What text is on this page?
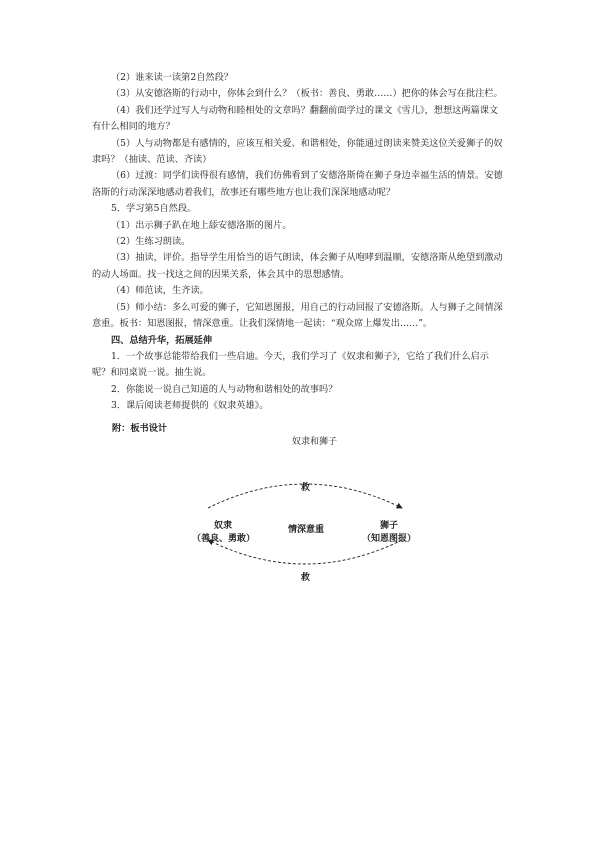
（2）谁来读一读第2自然段？

（3）从安德洛斯的行动中，你体会到什么？（板书：善良、勇敢……）把你的体会写在批注栏。

（4）我们还学过写人与动物和睦相处的文章吗？翻翻前面学过的课文《雪儿》，想想这两篇课文有什么相同的地方？

（5）人与动物都是有感情的，应该互相关爱、和谐相处，你能通过朗读来赞美这位关爱狮子的奴隶吗？（抽读、范读、齐读）

（6）过渡：同学们读得很有感情，我们仿佛看到了安德洛斯倚在狮子身边幸福生活的情景。安德洛斯的行动深深地感动着我们，故事还有哪些地方也让我们深深地感动呢？

5．学习第5自然段。

（1）出示狮子趴在地上舔安德洛斯的图片。

（2）生练习朗读。

（3）抽读，评价。指导学生用恰当的语气朗读，体会狮子从咆哮到温顺，安德洛斯从绝望到激动的动人场面。找一找这之间的因果关系，体会其中的思想感情。

（4）师范读，生齐读。

（5）师小结：多么可爱的狮子，它知恩图报，用自己的行动回报了安德洛斯。人与狮子之间情深意重。板书：知恩图报，情深意重。让我们深情地一起读：“观众席上爆发出……”。

四、总结升华，拓展延伸

1．一个故事总能带给我们一些启迪。今天，我们学习了《奴隶和狮子》，它给了我们什么启示呢？和同桌说一说。抽生说。

2．你能说一说自己知道的人与动物和谐相处的故事吗？

3．课后阅读老师提供的《奴隶英雄》。

附：板书设计
奴隶和狮子
救
奴隶
（善良、勇敢）
情深意重	狮子
（知恩图报）
救
